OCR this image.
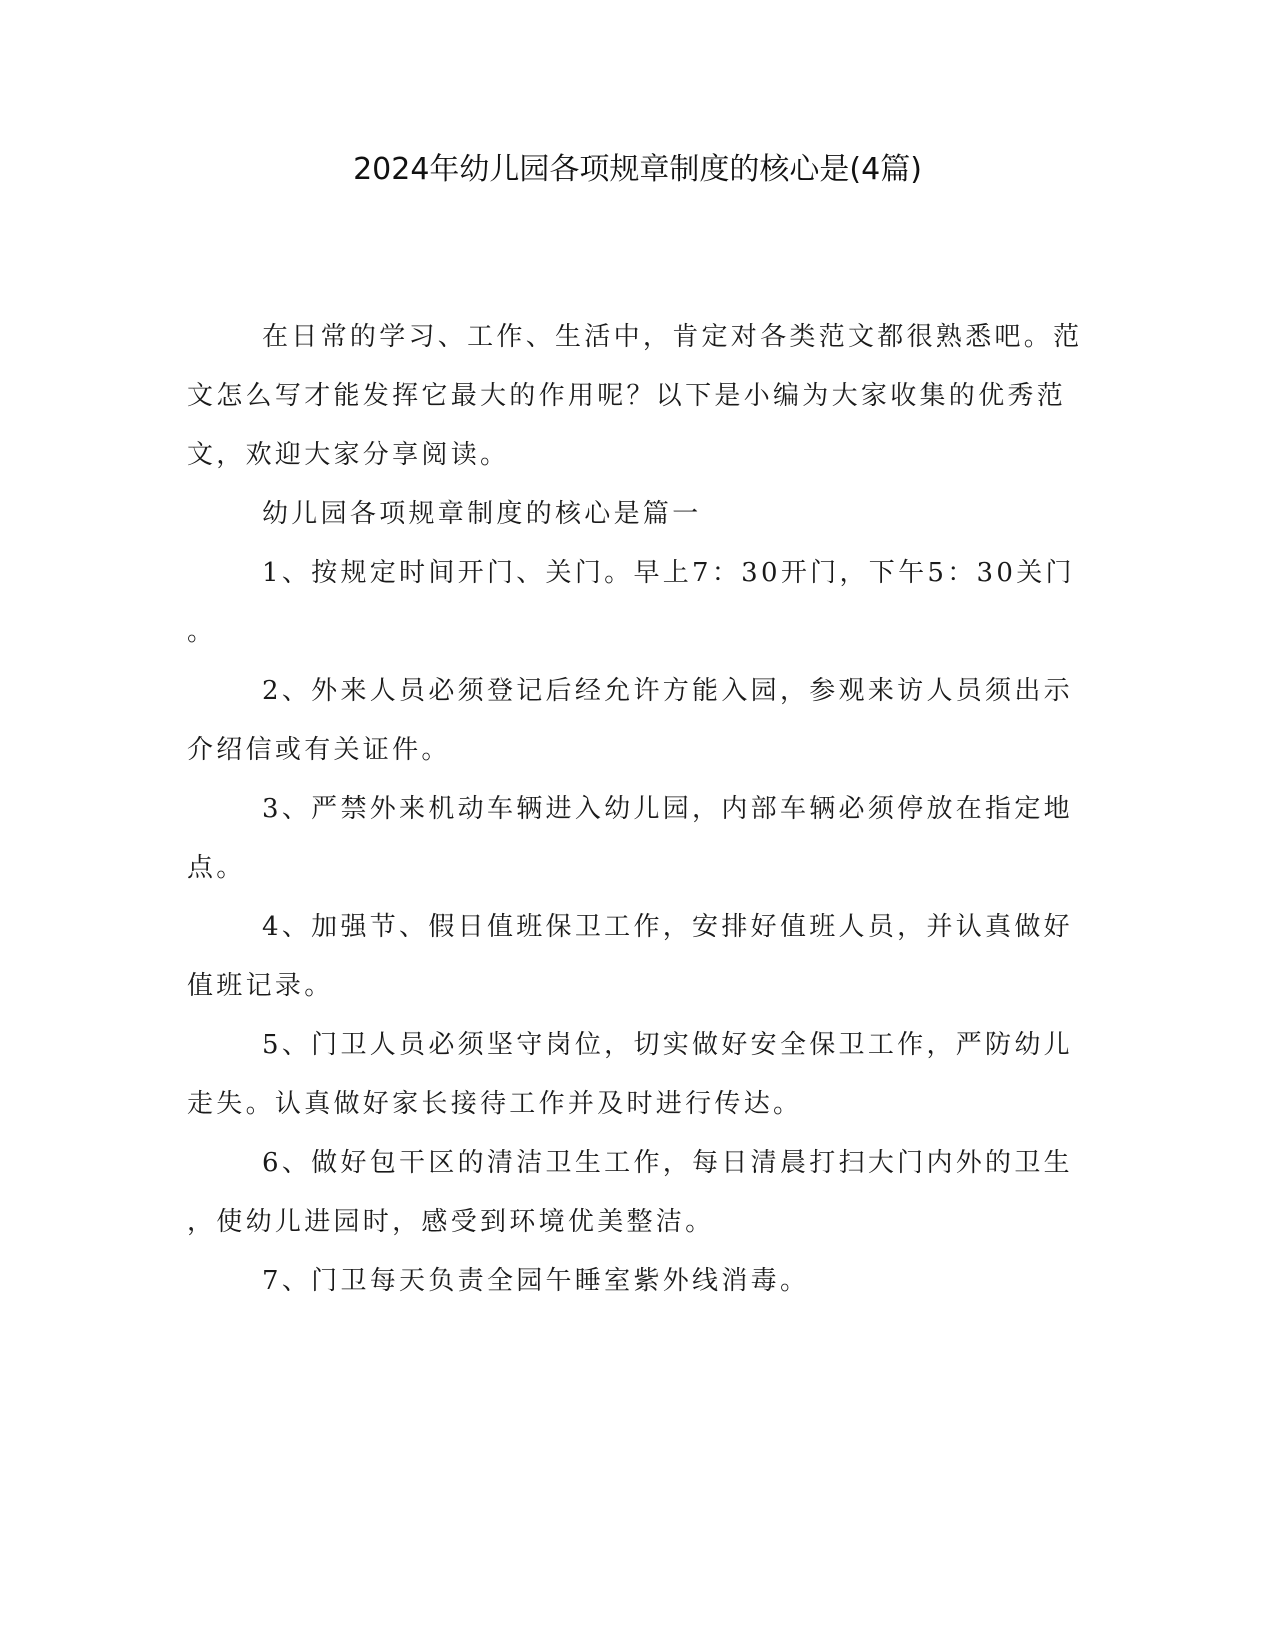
2024年幼儿园各项规章制度的核心是(4篇)
在日常的学习、工作、生活中，肯定对各类范文都很熟悉吧。范
文怎么写才能发挥它最大的作用呢？以下是小编为大家收集的优秀范
文，欢迎大家分享阅读。
幼儿园各项规章制度的核心是篇一
1、按规定时间开门、关门。早上7：30开门，下午5：30关门
。
2、外来人员必须登记后经允许方能入园，参观来访人员须出示
介绍信或有关证件。
3、严禁外来机动车辆进入幼儿园，内部车辆必须停放在指定地
点。
4、加强节、假日值班保卫工作，安排好值班人员，并认真做好
值班记录。
5、门卫人员必须坚守岗位，切实做好安全保卫工作，严防幼儿
走失。认真做好家长接待工作并及时进行传达。
6、做好包干区的清洁卫生工作，每日清晨打扫大门内外的卫生
，使幼儿进园时，感受到环境优美整洁。
7、门卫每天负责全园午睡室紫外线消毒。
